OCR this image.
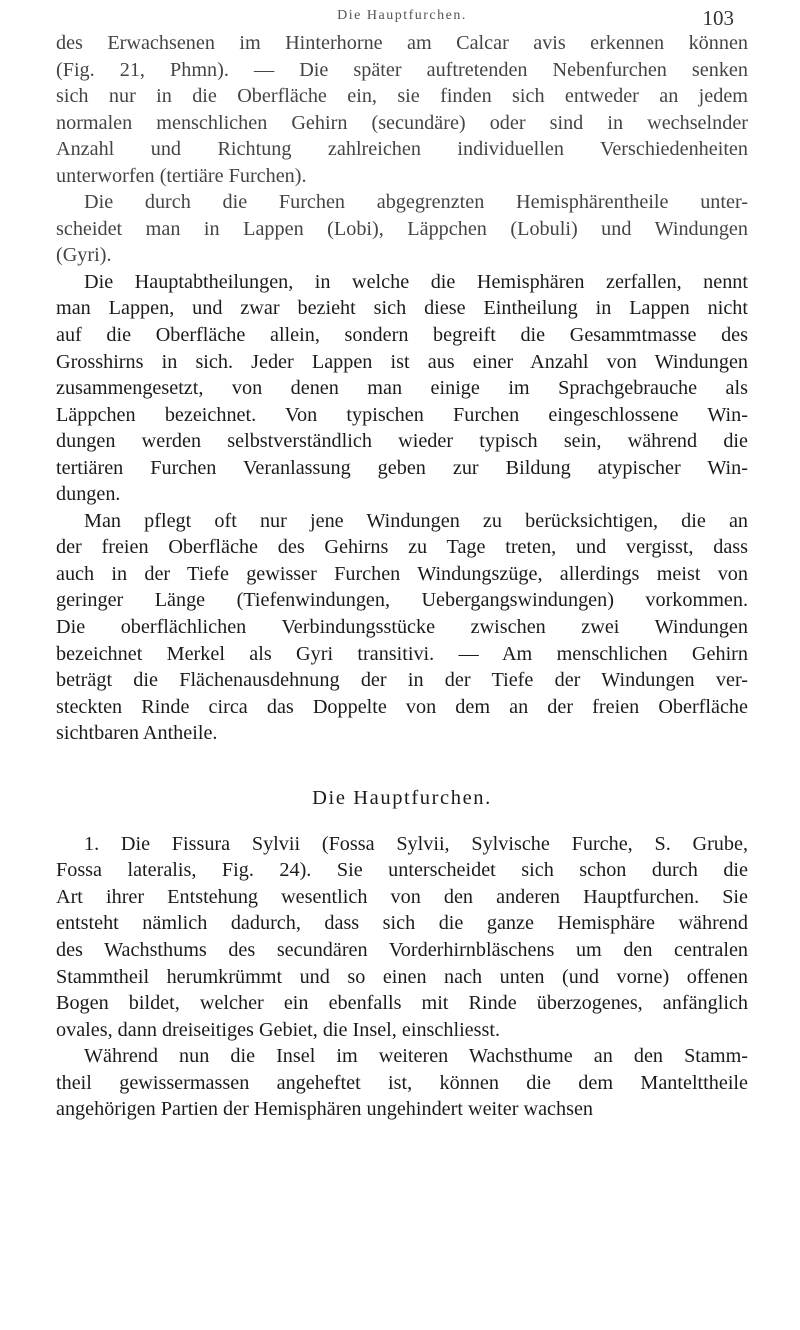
Die Hauptfurchen.	103

des Erwachsenen im Hinterhorne am Calcar avis erkennen können
(Fig. 21, Phmn). — Die später auftretenden Nebenfurchen senken
sich nur in die Oberfläche ein, sie finden sich entweder an jedem
normalen menschlichen Gehirn (secundäre) oder sind in wechselnder
Anzahl und Richtung zahlreichen individuellen Verschiedenheiten
unterworfen (tertiäre Furchen).

Die durch die Furchen abgegrenzten Hemisphärentheile unter-
scheidet man in Lappen (Lobi), Läppchen (Lobuli) und Windungen
(Gyri).

Die Hauptabtheilungen, in welche die Hemisphären zerfallen, nennt
man Lappen, und zwar bezieht sich diese Eintheilung in Lappen nicht
auf die Oberfläche allein, sondern begreift die Gesammtmasse des
Grosshirns in sich. Jeder Lappen ist aus einer Anzahl von Windungen
zusammengesetzt, von denen man einige im Sprachgebrauche als
Läppchen bezeichnet. Von typischen Furchen eingeschlossene Win-
dungen werden selbstverständlich wieder typisch sein, während die
tertiären Furchen Veranlassung geben zur Bildung atypischer Win-
dungen.

Man pflegt oft nur jene Windungen zu berücksichtigen, die an
der freien Oberfläche des Gehirns zu Tage treten, und vergisst, dass
auch in der Tiefe gewisser Furchen Windungszüge, allerdings meist von
geringer Länge (Tiefenwindungen, Uebergangswindungen) vorkommen.
Die oberflächlichen Verbindungsstücke zwischen zwei Windungen
bezeichnet Merkel als Gyri transitivi. — Am menschlichen Gehirn
beträgt die Flächenausdehnung der in der Tiefe der Windungen ver-
steckten Rinde circa das Doppelte von dem an der freien Oberfläche
sichtbaren Antheile.

Die Hauptfurchen.

1. Die Fissura Sylvii (Fossa Sylvii, Sylvische Furche, S. Grube,
Fossa lateralis, Fig. 24). Sie unterscheidet sich schon durch die
Art ihrer Entstehung wesentlich von den anderen Hauptfurchen. Sie
entsteht nämlich dadurch, dass sich die ganze Hemisphäre während
des Wachsthums des secundären Vorderhirnbläschens um den centralen
Stammtheil herumkrümmt und so einen nach unten (und vorne) offenen
Bogen bildet, welcher ein ebenfalls mit Rinde überzogenes, anfänglich
ovales, dann dreiseitiges Gebiet, die Insel, einschliesst.

Während nun die Insel im weiteren Wachsthume an den Stamm-
theil gewissermassen angeheftet ist, können die dem Mantelttheile
angehörigen Partien der Hemisphären ungehindert weiter wachsen
